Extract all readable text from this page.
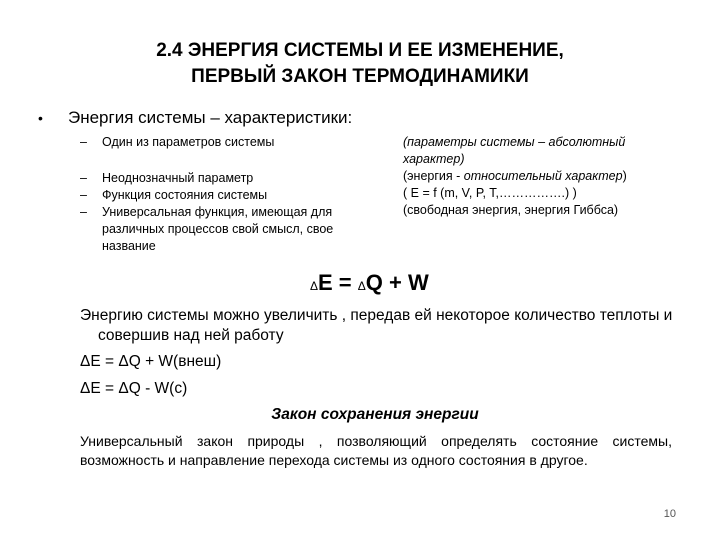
2.4 ЭНЕРГИЯ СИСТЕМЫ И ЕЕ ИЗМЕНЕНИЕ,
ПЕРВЫЙ ЗАКОН ТЕРМОДИНАМИКИ
• Энергия системы – характеристики:
– Один из параметров системы
– Неоднозначный параметр
– Функция состояния системы
– Универсальная функция, имеющая для различных процессов свой смысл, свое название
(параметры системы – абсолютный
характер)
(энергия - относительный характер)
( Е = f (m, V, P, T,…………….) )
(свободная энергия, энергия Гиббса)
ΔЕ = ΔQ + W
Энергию системы можно увеличить , передав ей некоторое количество теплоты и совершив над ней работу
ΔЕ = ΔQ + W(внеш)
ΔЕ = ΔQ - W(с)
Закон сохранения энергии
Универсальный закон природы , позволяющий определять состояние системы, возможность и направление перехода системы из одного состояния в другое.
10
